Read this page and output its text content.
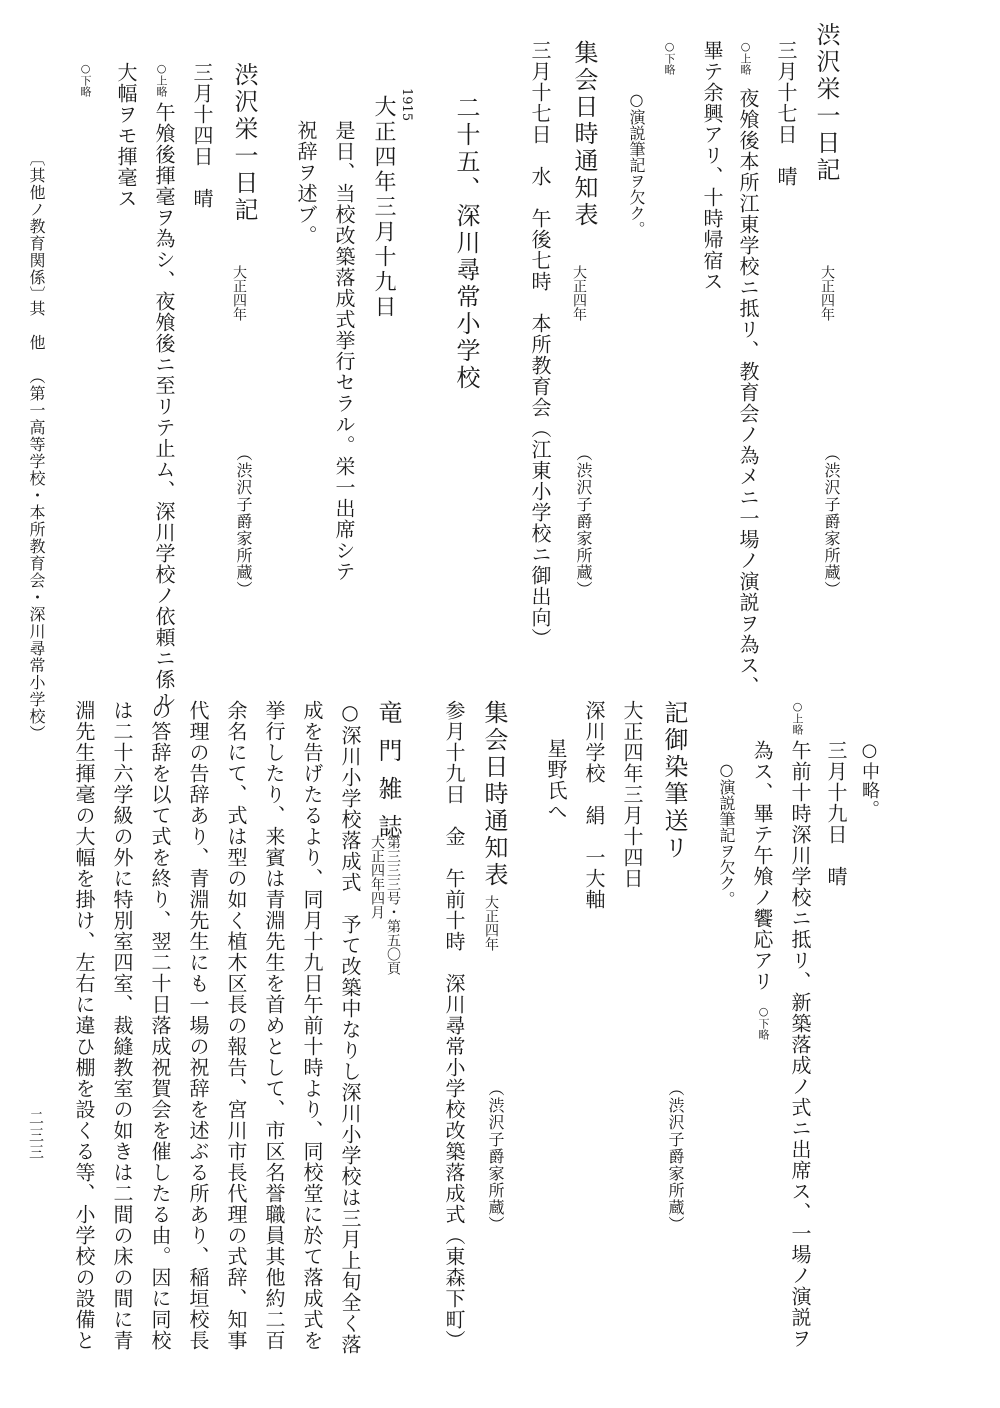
渋沢栄一日記
大正四年
（渋沢子爵家所蔵）
三月十七日　晴
○上略
夜飧後本所江東学校ニ抵リ、教育会ノ為メニ一場ノ演説ヲ為ス、
畢テ余興アリ、十時帰宿ス
○下略
○演説筆記ヲ欠ク。
集会日時通知表
大正四年
（渋沢子爵家所蔵）
三月十七日　水　午後七時　本所教育会（江東小学校ニ御出向）
二十五、深川尋常小学校
1915
大正四年三月十九日
是日、当校改築落成式挙行セラル。栄一出席シテ
祝辞ヲ述ブ。
渋沢栄一日記
大正四年
（渋沢子爵家所蔵）
三月十四日　晴
○上略
午飧後揮毫ヲ為シ、夜飧後ニ至リテ止ム、深川学校ノ依頼ニ係ル
大幅ヲモ揮毫ス
○下略
〔其他ノ教育関係〕
其他
（第一高等学校・本所教育会・深川尋常小学校）
○中略。
三月十九日　晴
○上略
午前十時深川学校ニ抵リ、新築落成ノ式ニ出席ス、一場ノ演説ヲ
為ス、畢テ午飧ノ饗応アリ
○下略
○演説筆記ヲ欠ク。
記御染筆送リ
（渋沢子爵家所蔵）
大正四年三月十四日
深川学校　絹　一大軸
星野氏へ
集会日時通知表
大正四年
（渋沢子爵家所蔵）
参月十九日　金　午前十時　深川尋常小学校改築落成式（東森下町）
竜門雑誌
第三三三号・第五〇頁
大正四年四月
○深川小学校落成式　予て改築中なりし深川小学校は三月上旬全く落
成を告げたるより、同月十九日午前十時より、同校堂に於て落成式を
挙行したり、来賓は青淵先生を首めとして、市区名誉職員其他約二百
余名にて、式は型の如く植木区長の報告、宮川市長代理の式辞、知事
代理の告辞あり、青淵先生にも一場の祝辞を述ぶる所あり、稲垣校長
の答辞を以て式を終り、翌二十日落成祝賀会を催したる由。因に同校
は二十六学級の外に特別室四室、裁縫教室の如きは二間の床の間に青
淵先生揮毫の大幅を掛け、左右に違ひ棚を設くる等、小学校の設備と
二三三
